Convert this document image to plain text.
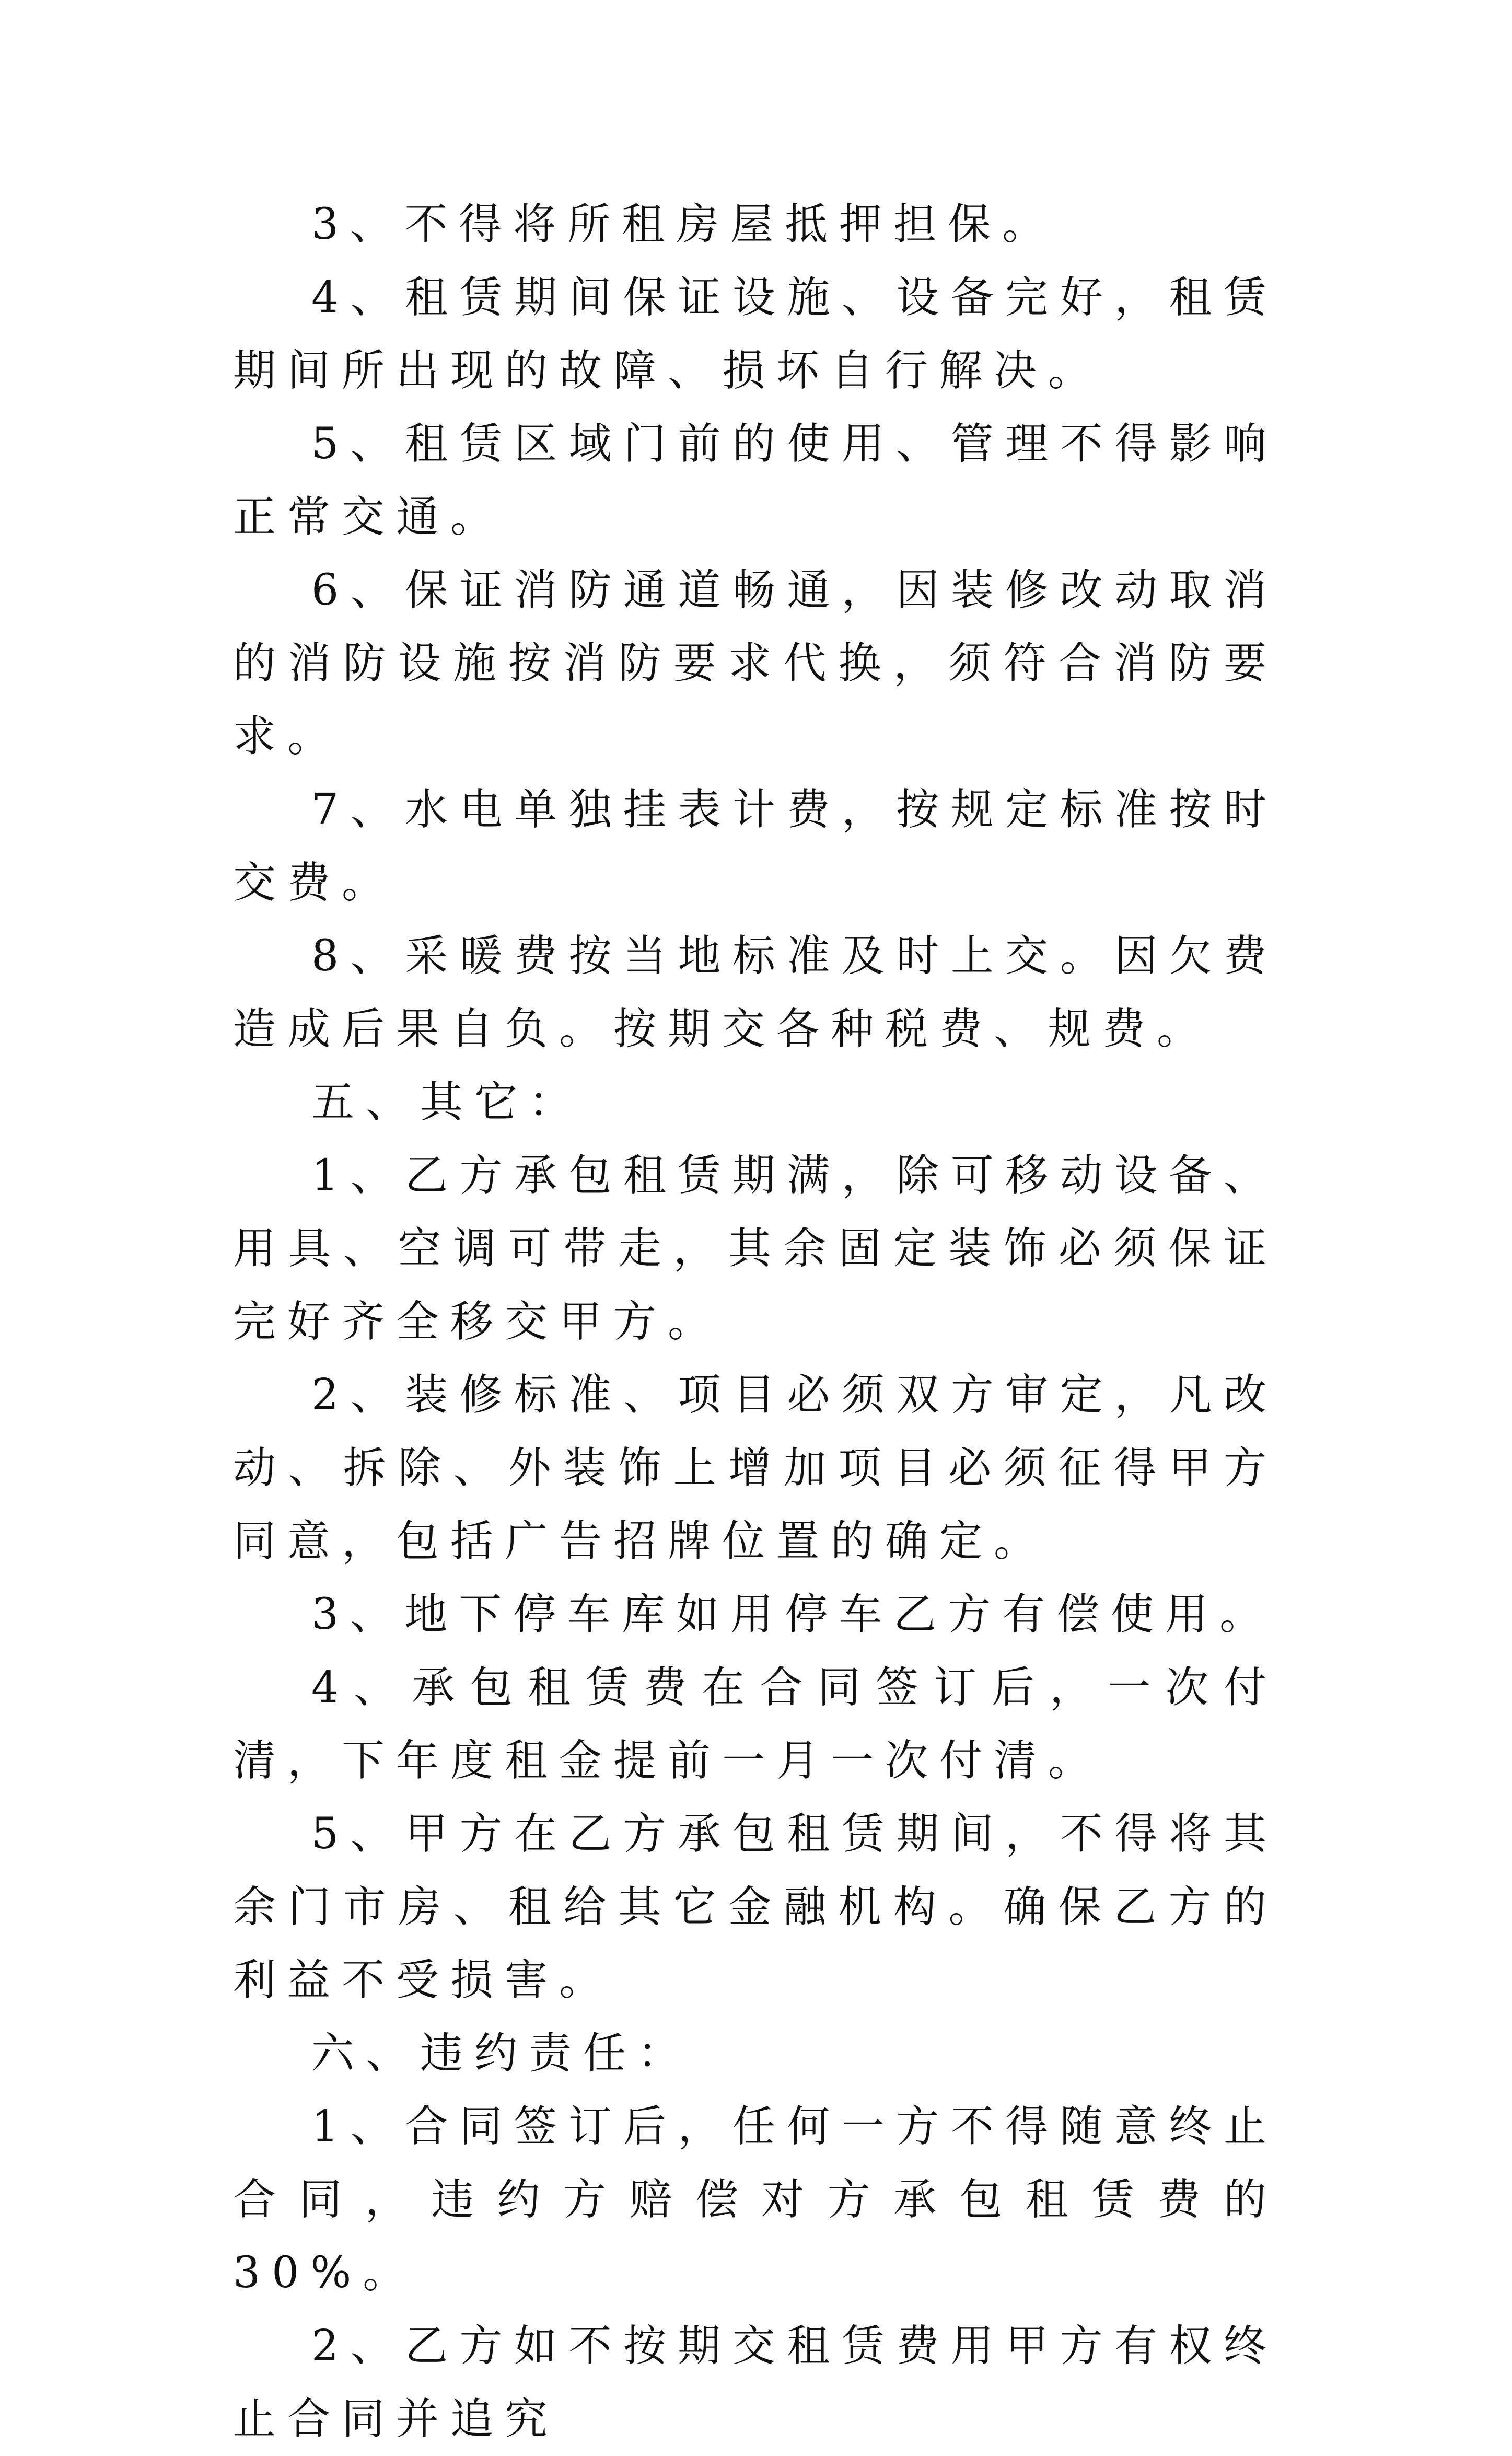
3、不得将所租房屋抵押担保。

4、租赁期间保证设施、设备完好，租赁期间所出现的故障、损坏自行解决。

5、租赁区域门前的使用、管理不得影响正常交通。

6、保证消防通道畅通，因装修改动取消的消防设施按消防要求代换，须符合消防要求。

7、水电单独挂表计费，按规定标准按时交费。

8、采暖费按当地标准及时上交。因欠费造成后果自负。按期交各种税费、规费。

五、其它：

1、乙方承包租赁期满，除可移动设备、用具、空调可带走，其余固定装饰必须保证完好齐全移交甲方。

2、装修标准、项目必须双方审定，凡改动、拆除、外装饰上增加项目必须征得甲方同意，包括广告招牌位置的确定。

3、地下停车库如用停车乙方有偿使用。

4、承包租赁费在合同签订后，一次付清，下年度租金提前一月一次付清。

5、甲方在乙方承包租赁期间，不得将其余门市房、租给其它金融机构。确保乙方的利益不受损害。

六、违约责任：

1、合同签订后，任何一方不得随意终止合同，违约方赔偿对方承包租赁费的30%。

2、乙方如不按期交租赁费用甲方有权终止合同并追究
